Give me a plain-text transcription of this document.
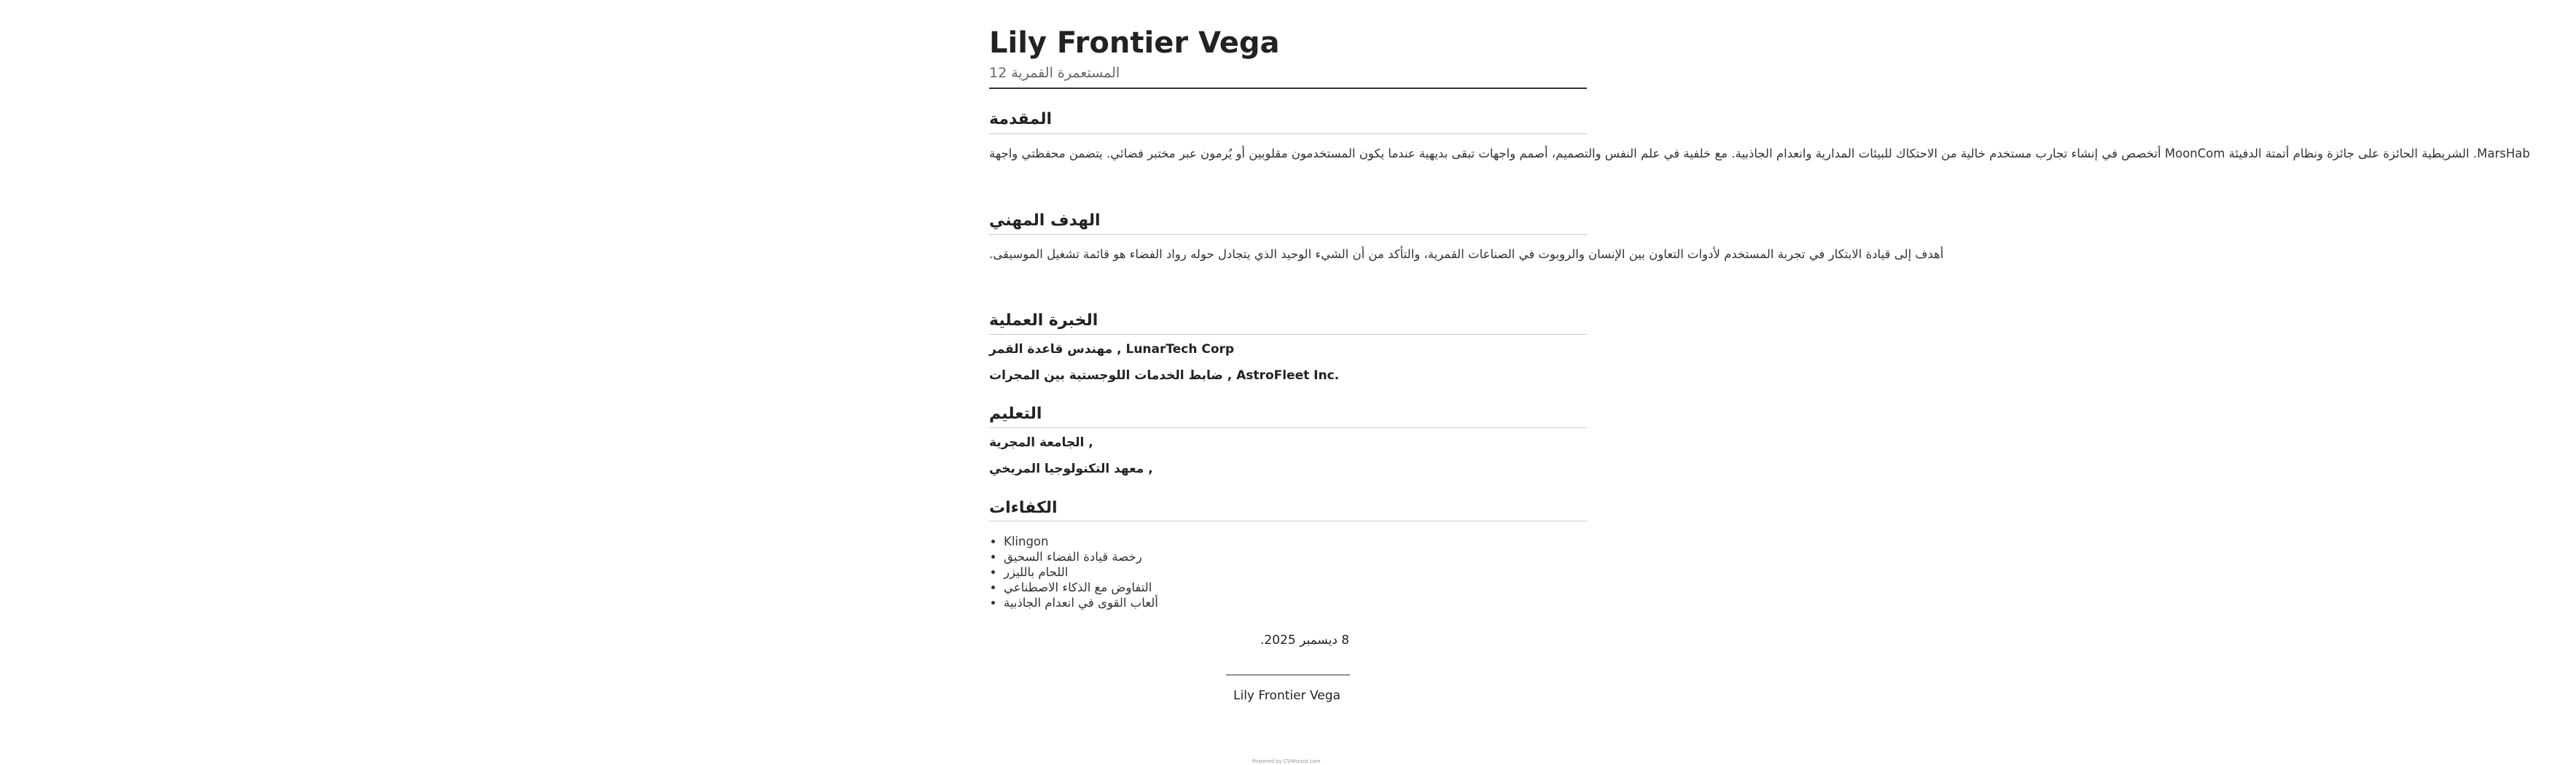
Lily Frontier Vega
المستعمرة القمرية 12
المقدمة
MarsHab. الشريطية الحائزة على جائزة ونظام أتمتة الدفيئة MoonCom أتخصص في إنشاء تجارب مستخدم خالية من الاحتكاك للبيئات المدارية وانعدام الجاذبية. مع خلفية في علم النفس والتصميم، أصمم واجهات تبقى بديهية عندما يكون المستخدمون مقلوبين أو يُرمون عبر مختبر فضائي. يتضمن محفظتي واجهة
الهدف المهني
أهدف إلى قيادة الابتكار في تجربة المستخدم لأدوات التعاون بين الإنسان والروبوت في الصناعات القمرية، والتأكد من أن الشيء الوحيد الذي يتجادل حوله رواد الفضاء هو قائمة تشغيل الموسيقى.
الخبرة العملية
مهندس قاعدة القمر , LunarTech Corp
ضابط الخدمات اللوجستية بين المجرات , AstroFleet Inc.
التعليم
الجامعة المجرية ,
معهد التكنولوجيا المريخي ,
الكفاءات
• Klingon
• رخصة قيادة الفضاء السحيق
• اللحام بالليزر
• التفاوض مع الذكاء الاصطناعي
• ألعاب القوى في انعدام الجاذبية
8 ديسمبر 2025.
Lily Frontier Vega
Powered by CVWizard.com
